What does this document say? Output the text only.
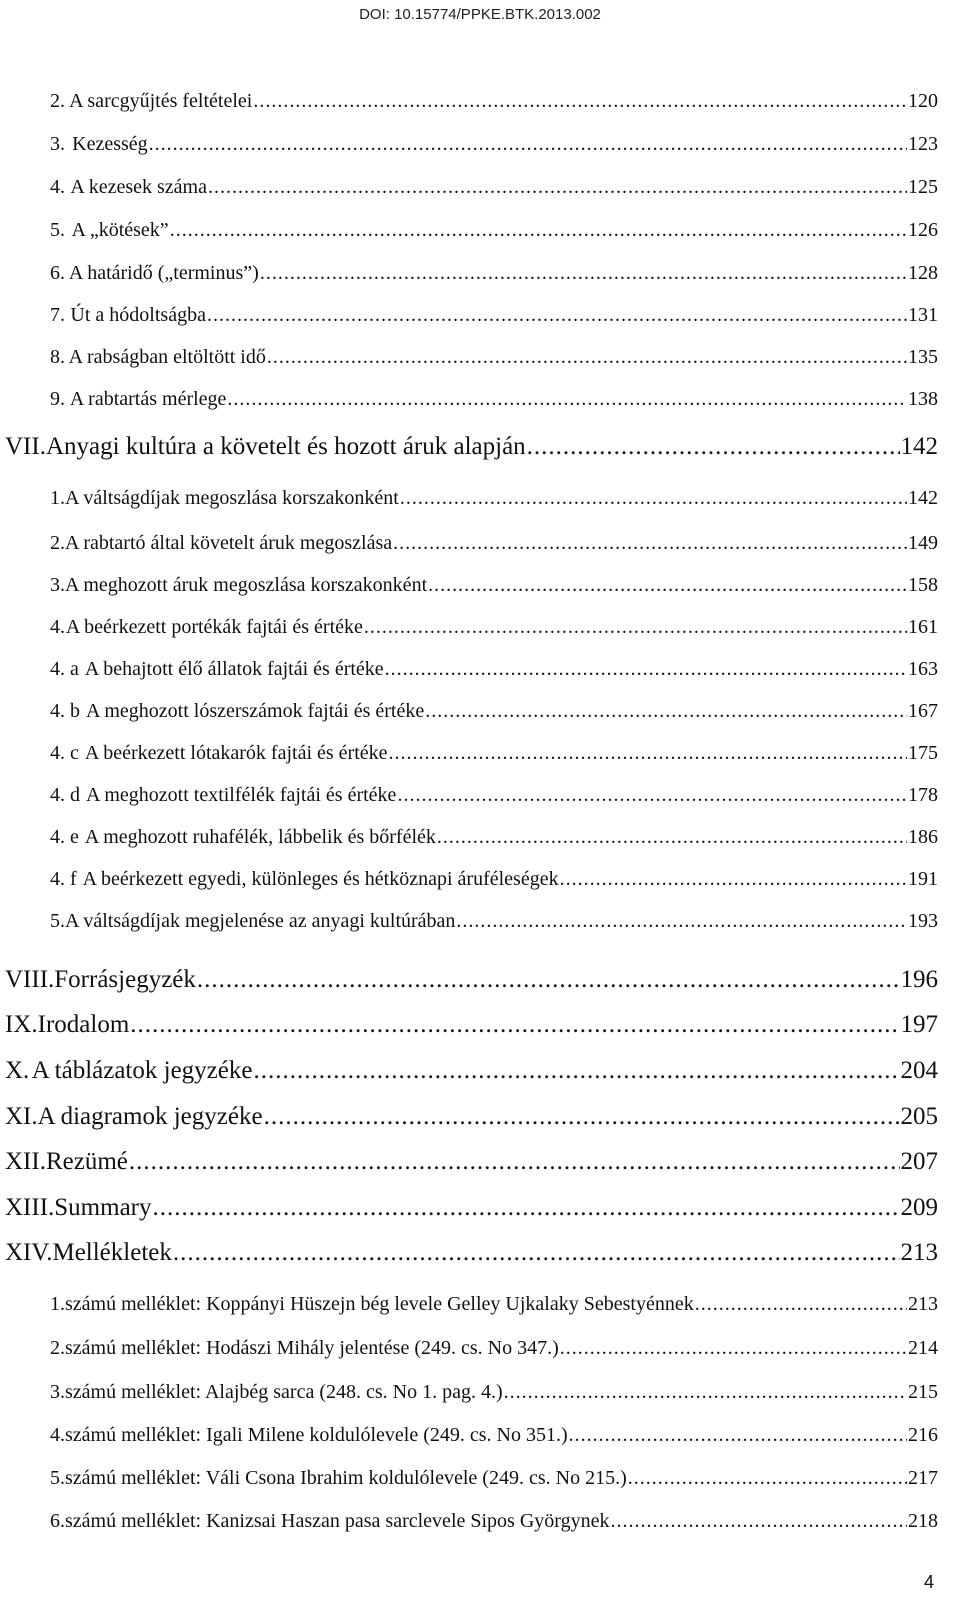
DOI: 10.15774/PPKE.BTK.2013.002
2. A sarcgyűjtés feltételei .....	120
3. Kezesség .....	123
4. A kezesek száma .....	125
5. A „kötések” .....	126
6. A határidő („terminus”) .....	128
7. Út a hódoltságba .....	131
8. A rabságban eltöltött idő .....	135
9. A rabtartás mérlege .....	138
VII. Anyagi kultúra a követelt és hozott áruk alapján .....	142
1. A váltságdíjak megoszlása korszakonként .....	142
2. A rabtartó által követelt áruk megoszlása .....	149
3. A meghozott áruk megoszlása korszakonként .....	158
4. A beérkezett portékák fajtái és értéke .....	161
4. a A behajtott élő állatok fajtái és értéke .....	163
4. b A meghozott lószerszámok fajtái és értéke .....	167
4. c A beérkezett lótakarók fajtái és értéke .....	175
4. d A meghozott textilfélék fajtái és értéke .....	178
4. e A meghozott ruhafélék, lábbelik és bőrfélék .....	186
4. f A beérkezett egyedi, különleges és hétköznapi áruféleségek .....	191
5. A váltságdíjak megjelenése az anyagi kultúrában .....	193
VIII. Forrásjegyzék .....	196
IX. Irodalom .....	197
X. A táblázatok jegyzéke .....	204
XI. A diagramok jegyzéke .....	205
XII. Rezümé .....	207
XIII. Summary .....	209
XIV. Mellékletek .....	213
1. számú melléklet: Koppányi Hüszejn bég levele Gelley Ujkalaky Sebestyénnek .....	213
2. számú melléklet: Hodászi Mihály jelentése (249. cs. No 347.) .....	214
3. számú melléklet: Alajbég sarca (248. cs. No 1. pag. 4.) .....	215
4. számú melléklet: Igali Milene koldulólevele (249. cs. No 351.) .....	216
5. számú melléklet: Váli Csona Ibrahim koldulólevele (249. cs. No 215.) .....	217
6. számú melléklet: Kanizsai Haszan pasa sarclevele Sipos Györgynek .....	218
4
